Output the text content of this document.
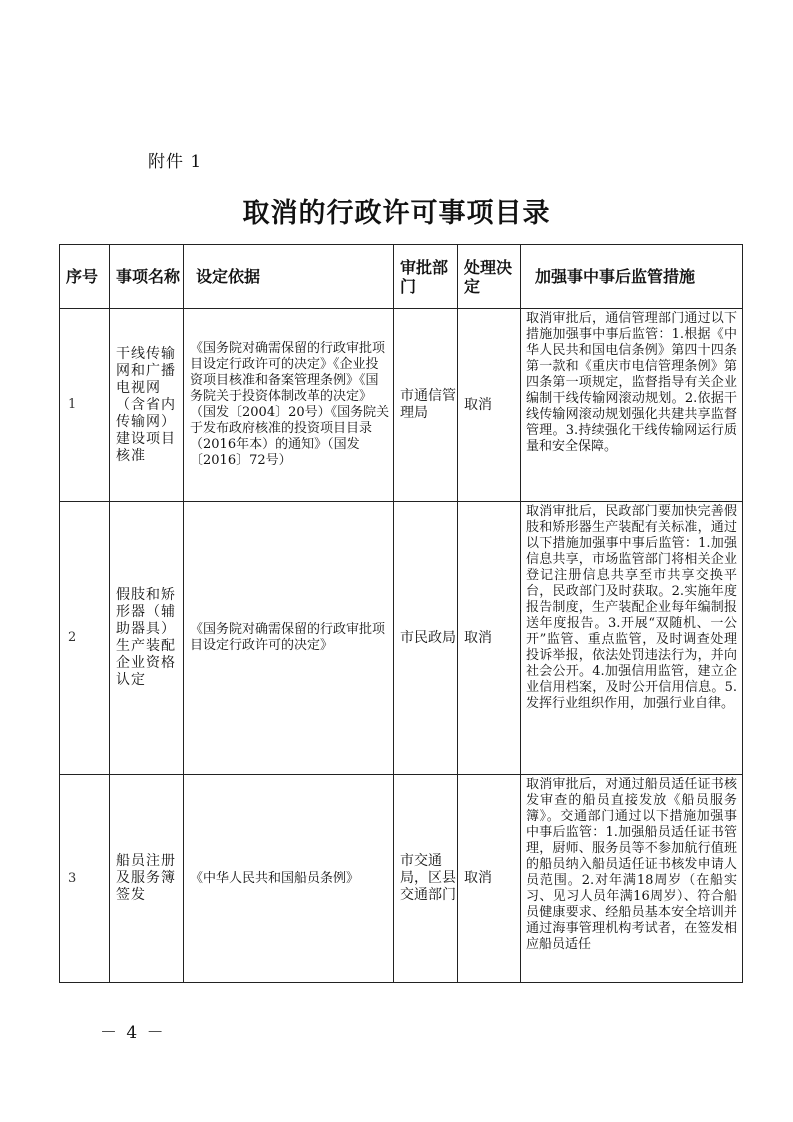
附件 1
取消的行政许可事项目录
序号	事项名称	设定依据	审批部门	处理决定	加强事中事后监管措施
1	干线传输网和广播电视网（含省内传输网）建设项目核准	《国务院对确需保留的行政审批项目设定行政许可的决定》《企业投资项目核准和备案管理条例》《国务院关于投资体制改革的决定》（国发〔2004〕20号）《国务院关于发布政府核准的投资项目目录（2016年本）的通知》（国发〔2016〕72号）	市通信管理局	取消	取消审批后，通信管理部门通过以下措施加强事中事后监管：1.根据《中华人民共和国电信条例》第四十四条第一款和《重庆市电信管理条例》第四条第一项规定，监督指导有关企业编制干线传输网滚动规划。2.依据干线传输网滚动规划强化共建共享监督管理。3.持续强化干线传输网运行质量和安全保障。

2	假肢和矫形器（辅助器具）生产装配企业资格认定	《国务院对确需保留的行政审批项目设定行政许可的决定》	市民政局	取消	取消审批后，民政部门要加快完善假肢和矫形器生产装配有关标准，通过以下措施加强事中事后监管：1.加强信息共享，市场监管部门将相关企业登记注册信息共享至市共享交换平台，民政部门及时获取。2.实施年度报告制度，生产装配企业每年编制报送年度报告。3.开展“双随机、一公开”监管、重点监管，及时调查处理投诉举报，依法处罚违法行为，并向社会公开。4.加强信用监管，建立企业信用档案，及时公开信用信息。5.发挥行业组织作用，加强行业自律。

3	船员注册及服务簿签发	《中华人民共和国船员条例》	市交通局，区县交通部门	取消	取消审批后，对通过船员适任证书核发审查的船员直接发放《船员服务簿》。交通部门通过以下措施加强事中事后监管：1.加强船员适任证书管理，厨师、服务员等不参加航行值班的船员纳入船员适任证书核发申请人员范围。2.对年满18周岁（在船实习、见习人员年满16周岁）、符合船员健康要求、经船员基本安全培训并通过海事管理机构考试者，在签发相应船员适任
－ 4 －
